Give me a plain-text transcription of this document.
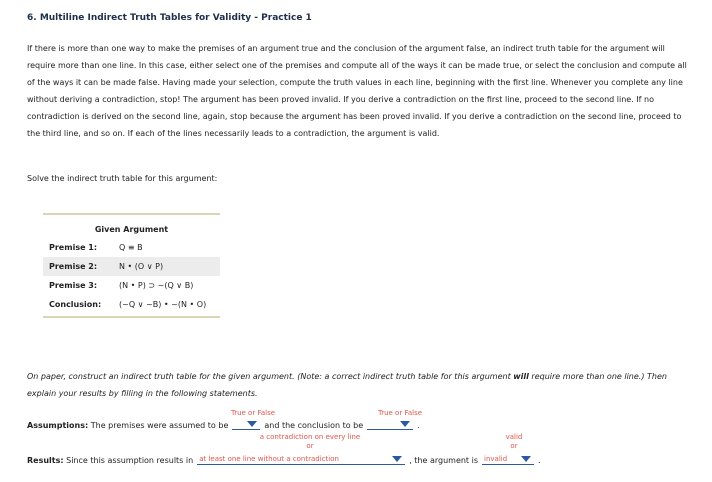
6. Multiline Indirect Truth Tables for Validity - Practice 1
If there is more than one way to make the premises of an argument true and the conclusion of the argument false, an indirect truth table for the argument will require more than one line. In this case, either select one of the premises and compute all of the ways it can be made true, or select the conclusion and compute all of the ways it can be made false. Having made your selection, compute the truth values in each line, beginning with the first line. Whenever you complete any line without deriving a contradiction, stop! The argument has been proved invalid. If you derive a contradiction on the first line, proceed to the second line. If no contradiction is derived on the second line, again, stop because the argument has been proved invalid. If you derive a contradiction on the second line, proceed to the third line, and so on. If each of the lines necessarily leads to a contradiction, the argument is valid.
Solve the indirect truth table for this argument:
Given Argument
Premise 1:	Q ≡ B
Premise 2:	N • (O ∨ P)
Premise 3:	(N • P) ⊃ ~(Q ∨ B)
Conclusion:	(~Q ∨ ~B) • ~(N • O)
On paper, construct an indirect truth table for the given argument. (Note: a correct indirect truth table for this argument will require more than one line.) Then explain your results by filling in the following statements.
True or False	True or False
Assumptions:
The premises were assumed to be	and the conclusion to be	.
a contradiction on every line
or
valid
or
Results:
Since this assumption results in at least one line without a contradiction	, the argument is invalid	.
